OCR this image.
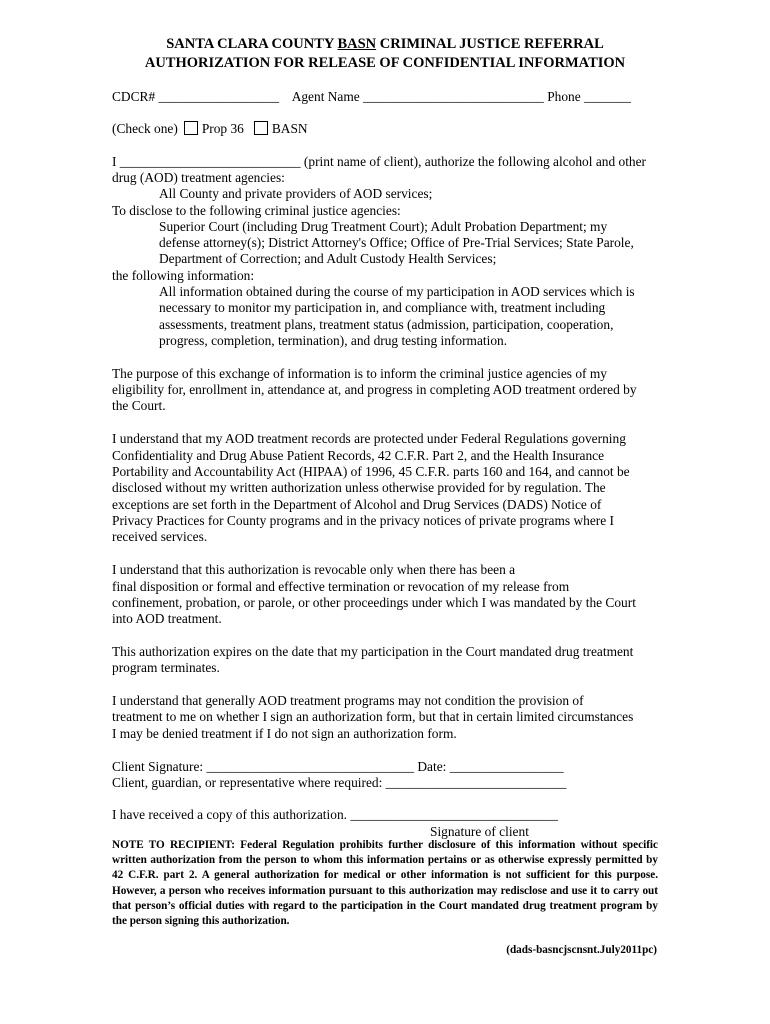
SANTA CLARA COUNTY BASN CRIMINAL JUSTICE REFERRAL
AUTHORIZATION FOR RELEASE OF CONFIDENTIAL INFORMATION
CDCR# __________________ Agent Name ___________________________ Phone _______
(Check one) Prop 36 BASN
I ___________________________ (print name of client), authorize the following alcohol and other
drug (AOD) treatment agencies:
All County and private providers of AOD services;
To disclose to the following criminal justice agencies:
Superior Court (including Drug Treatment Court); Adult Probation Department; my
defense attorney(s); District Attorney's Office; Office of Pre-Trial Services; State Parole,
Department of Correction; and Adult Custody Health Services;
the following information:
All information obtained during the course of my participation in AOD services which is
necessary to monitor my participation in, and compliance with, treatment including
assessments, treatment plans, treatment status (admission, participation, cooperation,
progress, completion, termination), and drug testing information.
The purpose of this exchange of information is to inform the criminal justice agencies of my
eligibility for, enrollment in, attendance at, and progress in completing AOD treatment ordered by
the Court.
I understand that my AOD treatment records are protected under Federal Regulations governing
Confidentiality and Drug Abuse Patient Records, 42 C.F.R. Part 2, and the Health Insurance
Portability and Accountability Act (HIPAA) of 1996, 45 C.F.R. parts 160 and 164, and cannot be
disclosed without my written authorization unless otherwise provided for by regulation. The
exceptions are set forth in the Department of Alcohol and Drug Services (DADS) Notice of
Privacy Practices for County programs and in the privacy notices of private programs where I
received services.
I understand that this authorization is revocable only when there has been a
final disposition or formal and effective termination or revocation of my release from
confinement, probation, or parole, or other proceedings under which I was mandated by the Court
into AOD treatment.
This authorization expires on the date that my participation in the Court mandated drug treatment
program terminates.
I understand that generally AOD treatment programs may not condition the provision of
treatment to me on whether I sign an authorization form, but that in certain limited circumstances
I may be denied treatment if I do not sign an authorization form.
Client Signature: _______________________________ Date: _________________
Client, guardian, or representative where required: ___________________________
I have received a copy of this authorization. _______________________________
Signature of client
NOTE TO RECIPIENT: Federal Regulation prohibits further disclosure of this information without specific written authorization from the person to whom this information pertains or as otherwise expressly permitted by 42 C.F.R. part 2. A general authorization for medical or other information is not sufficient for this purpose. However, a person who receives information pursuant to this authorization may redisclose and use it to carry out that person’s official duties with regard to the participation in the Court mandated drug treatment program by the person signing this authorization.
(dads-basncjscnsnt.July2011pc)
